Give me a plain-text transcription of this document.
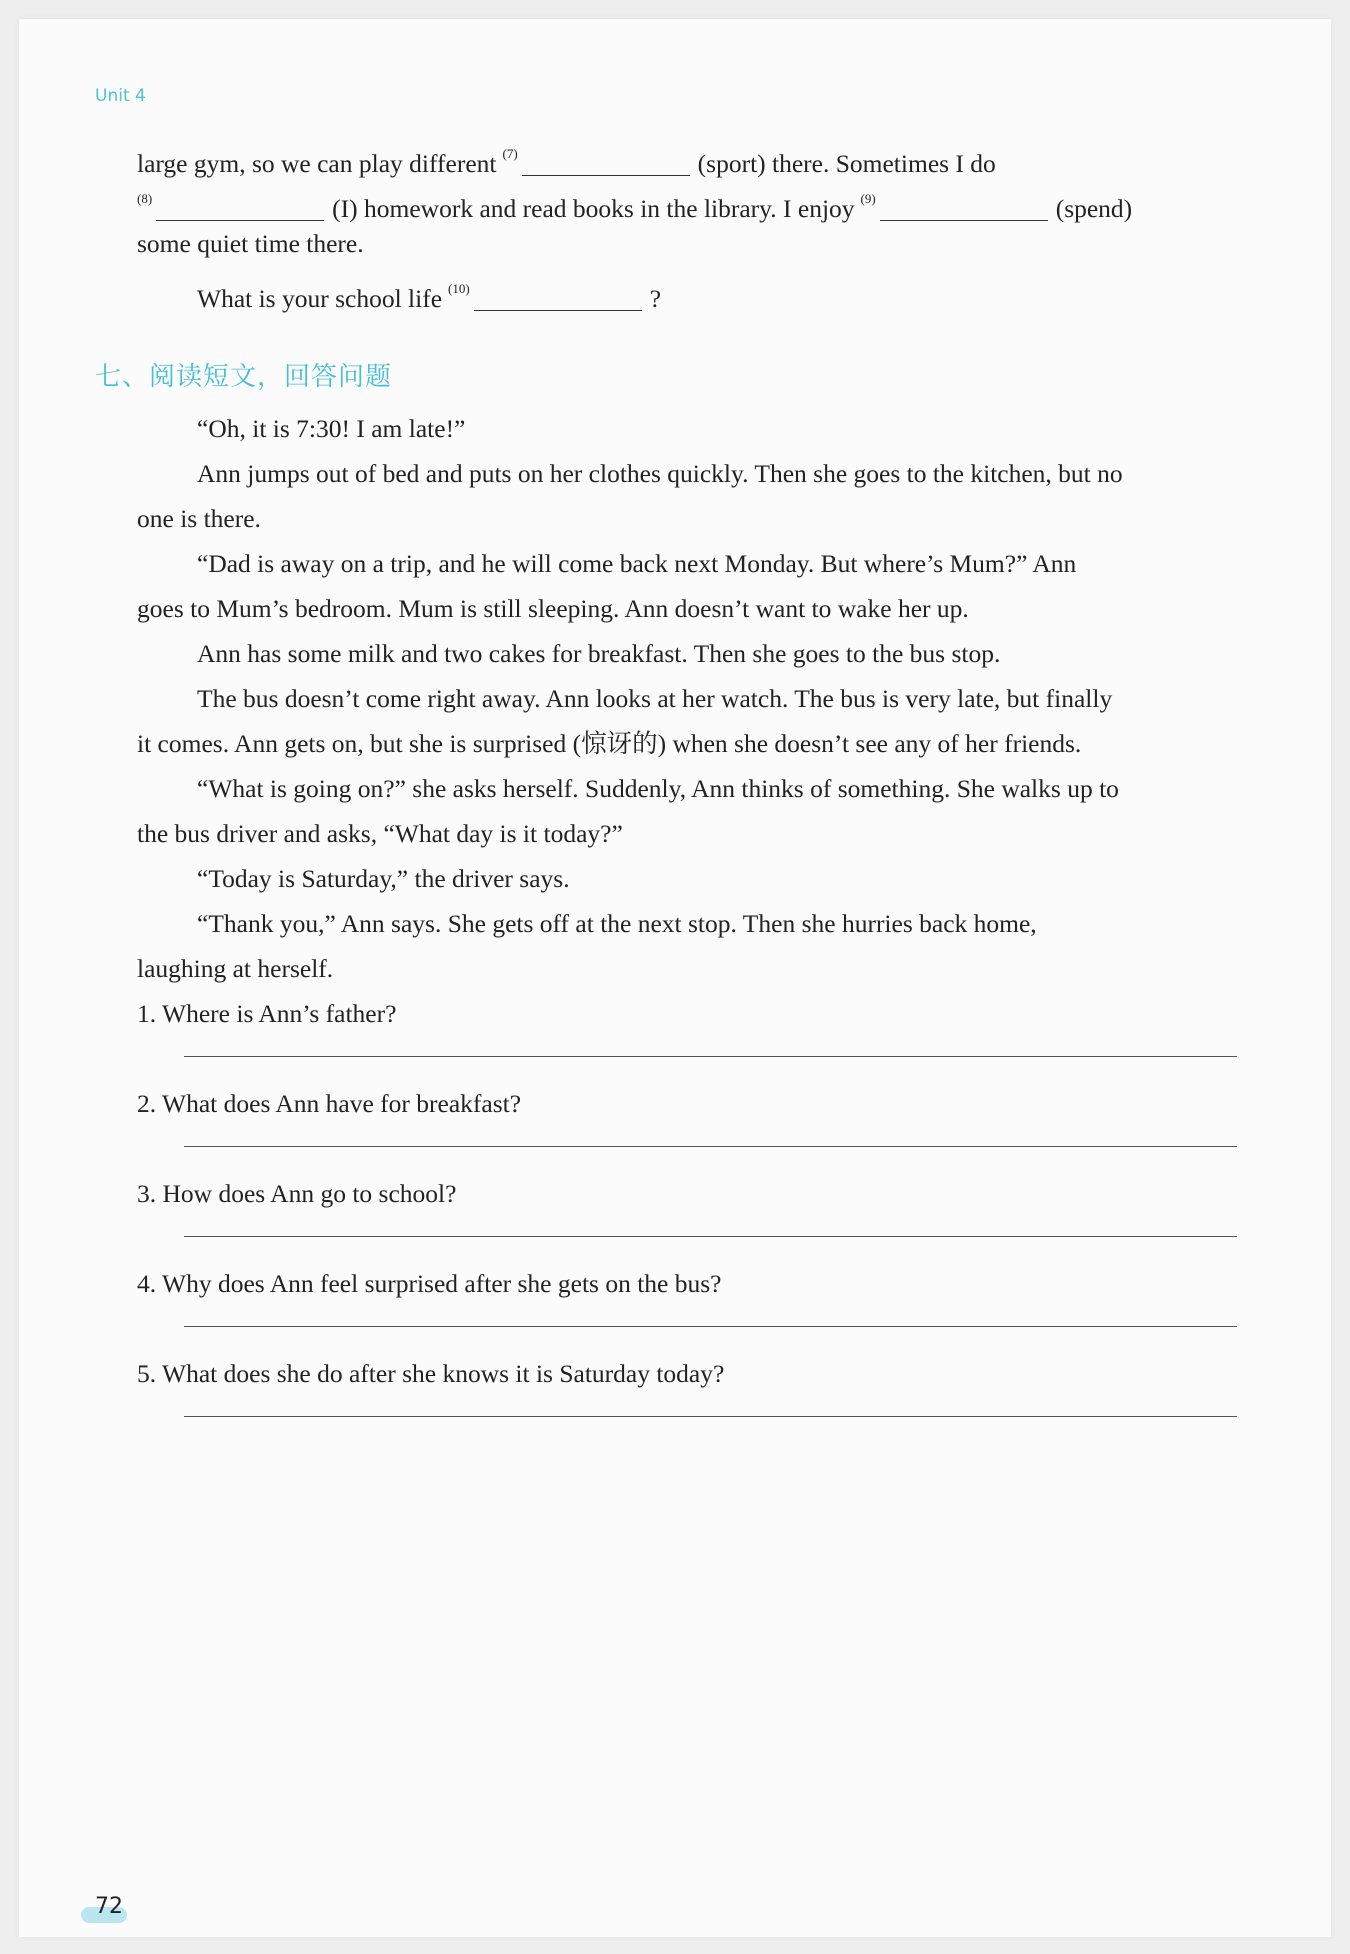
Unit 4
large gym, so we can play different $^{(7)}$	(sport) there. Sometimes I do
$^{(8)}$	(I) homework and read books in the library. I enjoy $^{(9)}$	(spend)
some quiet time there.
What is your school life $^{(10)}$	?
七、阅读短文，回答问题
“Oh, it is 7:30! I am late!”
Ann jumps out of bed and puts on her clothes quickly. Then she goes to the kitchen, but no
one is there.
“Dad is away on a trip, and he will come back next Monday. But where’s Mum?” Ann
goes to Mum’s bedroom. Mum is still sleeping. Ann doesn’t want to wake her up.
Ann has some milk and two cakes for breakfast. Then she goes to the bus stop.
The bus doesn’t come right away. Ann looks at her watch. The bus is very late, but finally
it comes. Ann gets on, but she is surprised (惊讶的) when she doesn’t see any of her friends.
“What is going on?” she asks herself. Suddenly, Ann thinks of something. She walks up to
the bus driver and asks, “What day is it today?”
“Today is Saturday,” the driver says.
“Thank you,” Ann says. She gets off at the next stop. Then she hurries back home,
laughing at herself.
1. Where is Ann’s father?
2. What does Ann have for breakfast?
3. How does Ann go to school?
4. Why does Ann feel surprised after she gets on the bus?
5. What does she do after she knows it is Saturday today?
72
